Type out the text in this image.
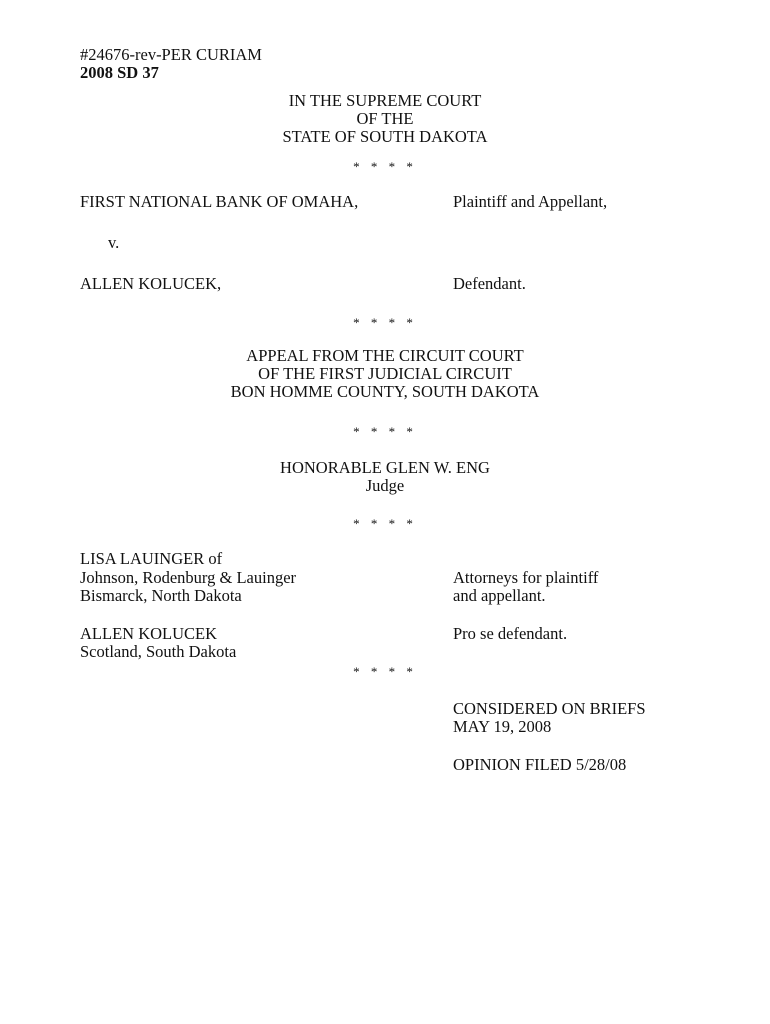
#24676-rev-PER CURIAM
2008 SD 37
IN THE SUPREME COURT
OF THE
STATE OF SOUTH DAKOTA
* * * *
FIRST NATIONAL BANK OF OMAHA,	Plaintiff and Appellant,
v.
ALLEN KOLUCEK,	Defendant.
* * * *
APPEAL FROM THE CIRCUIT COURT
OF THE FIRST JUDICIAL CIRCUIT
BON HOMME COUNTY, SOUTH DAKOTA
* * * *
HONORABLE GLEN W. ENG
Judge
* * * *
LISA LAUINGER of
Johnson, Rodenburg & Lauinger
Bismarck, North Dakota
Attorneys for plaintiff
and appellant.
ALLEN KOLUCEK
Scotland, South Dakota
Pro se defendant.
* * * *
CONSIDERED ON BRIEFS
MAY 19, 2008
OPINION FILED 5/28/08
